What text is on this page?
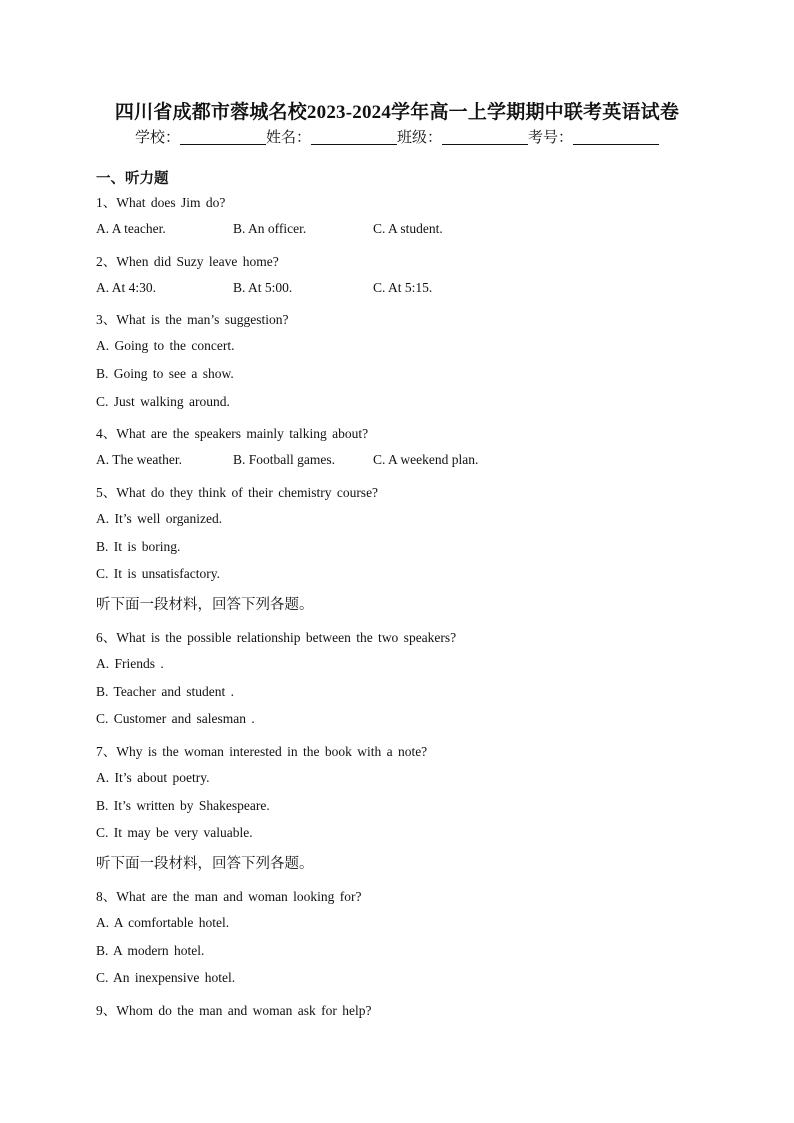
四川省成都市蓉城名校2023-2024学年高一上学期期中联考英语试卷
学校：	姓名：	班级：	考号：
一、听力题
1、What does Jim do?
A. A teacher.	B. An officer.	C. A student.
2、When did Suzy leave home?
A. At 4:30.	B. At 5:00.	C. At 5:15.
3、What is the man’s suggestion?
A. Going to the concert.
B. Going to see a show.
C. Just walking around.
4、What are the speakers mainly talking about?
A. The weather.	B. Football games.	C. A weekend plan.
5、What do they think of their chemistry course?
A. It’s well organized.
B. It is boring.
C. It is unsatisfactory.
听下面一段材料，回答下列各题。
6、What is the possible relationship between the two speakers?
A. Friends .
B. Teacher and student .
C. Customer and salesman .
7、Why is the woman interested in the book with a note?
A. It’s about poetry.
B. It’s written by Shakespeare.
C. It may be very valuable.
听下面一段材料，回答下列各题。
8、What are the man and woman looking for?
A. A comfortable hotel.
B. A modern hotel.
C. An inexpensive hotel.
9、Whom do the man and woman ask for help?
